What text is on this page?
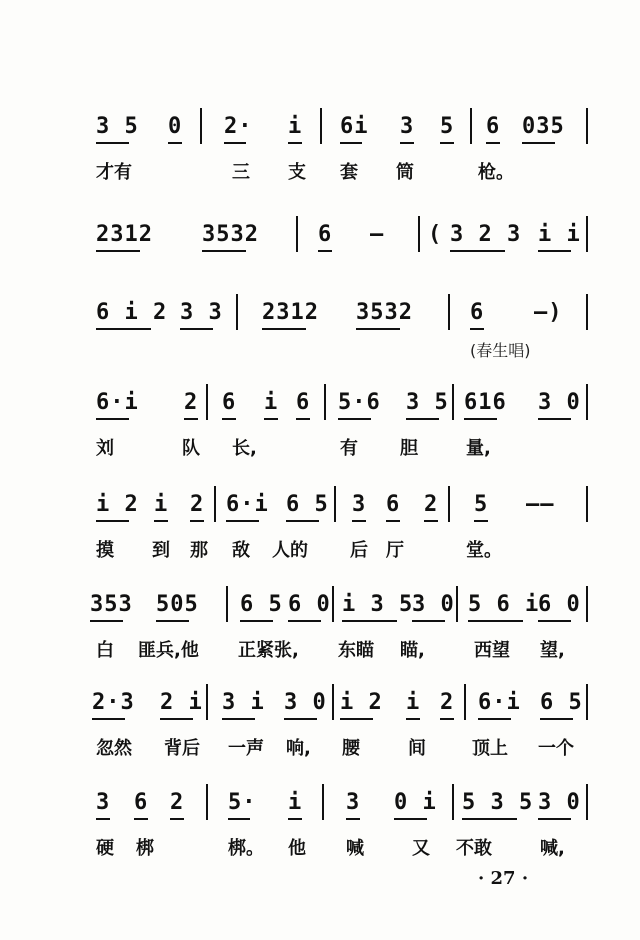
3 5 0 2· i 6i 3 5 6 035
才有	三 支 套 筒	枪。
2312 3532	6 — ( 3 2 3 i i
6 i 2 3 3 2312 3532	6 —)
6·i 2 6 i 6 5·6 3 5 616 3 0
刘	队 长,	有 胆	量,
i 2 i 2 6·i 6 5 3 6 2 5 ——
摸 到 那 敌 人的 后 厅	堂。
353 505 6 5 6 0 i 3 5
3 0 5 6 i
6 0
白 匪兵,他 正紧张, 东瞄 瞄,	西望 望,
2·3 2 i 3 i 3 0 i 2 i 2 6·i 6 5
忽然 背后 一声 响, 腰	间	顶上 一个
3 6 2 5· i 3 0 i 5 3 5 3 0
硬 梆	梆。 他 喊	又 不敢	喊,
(春生唱)
· 27 ·
